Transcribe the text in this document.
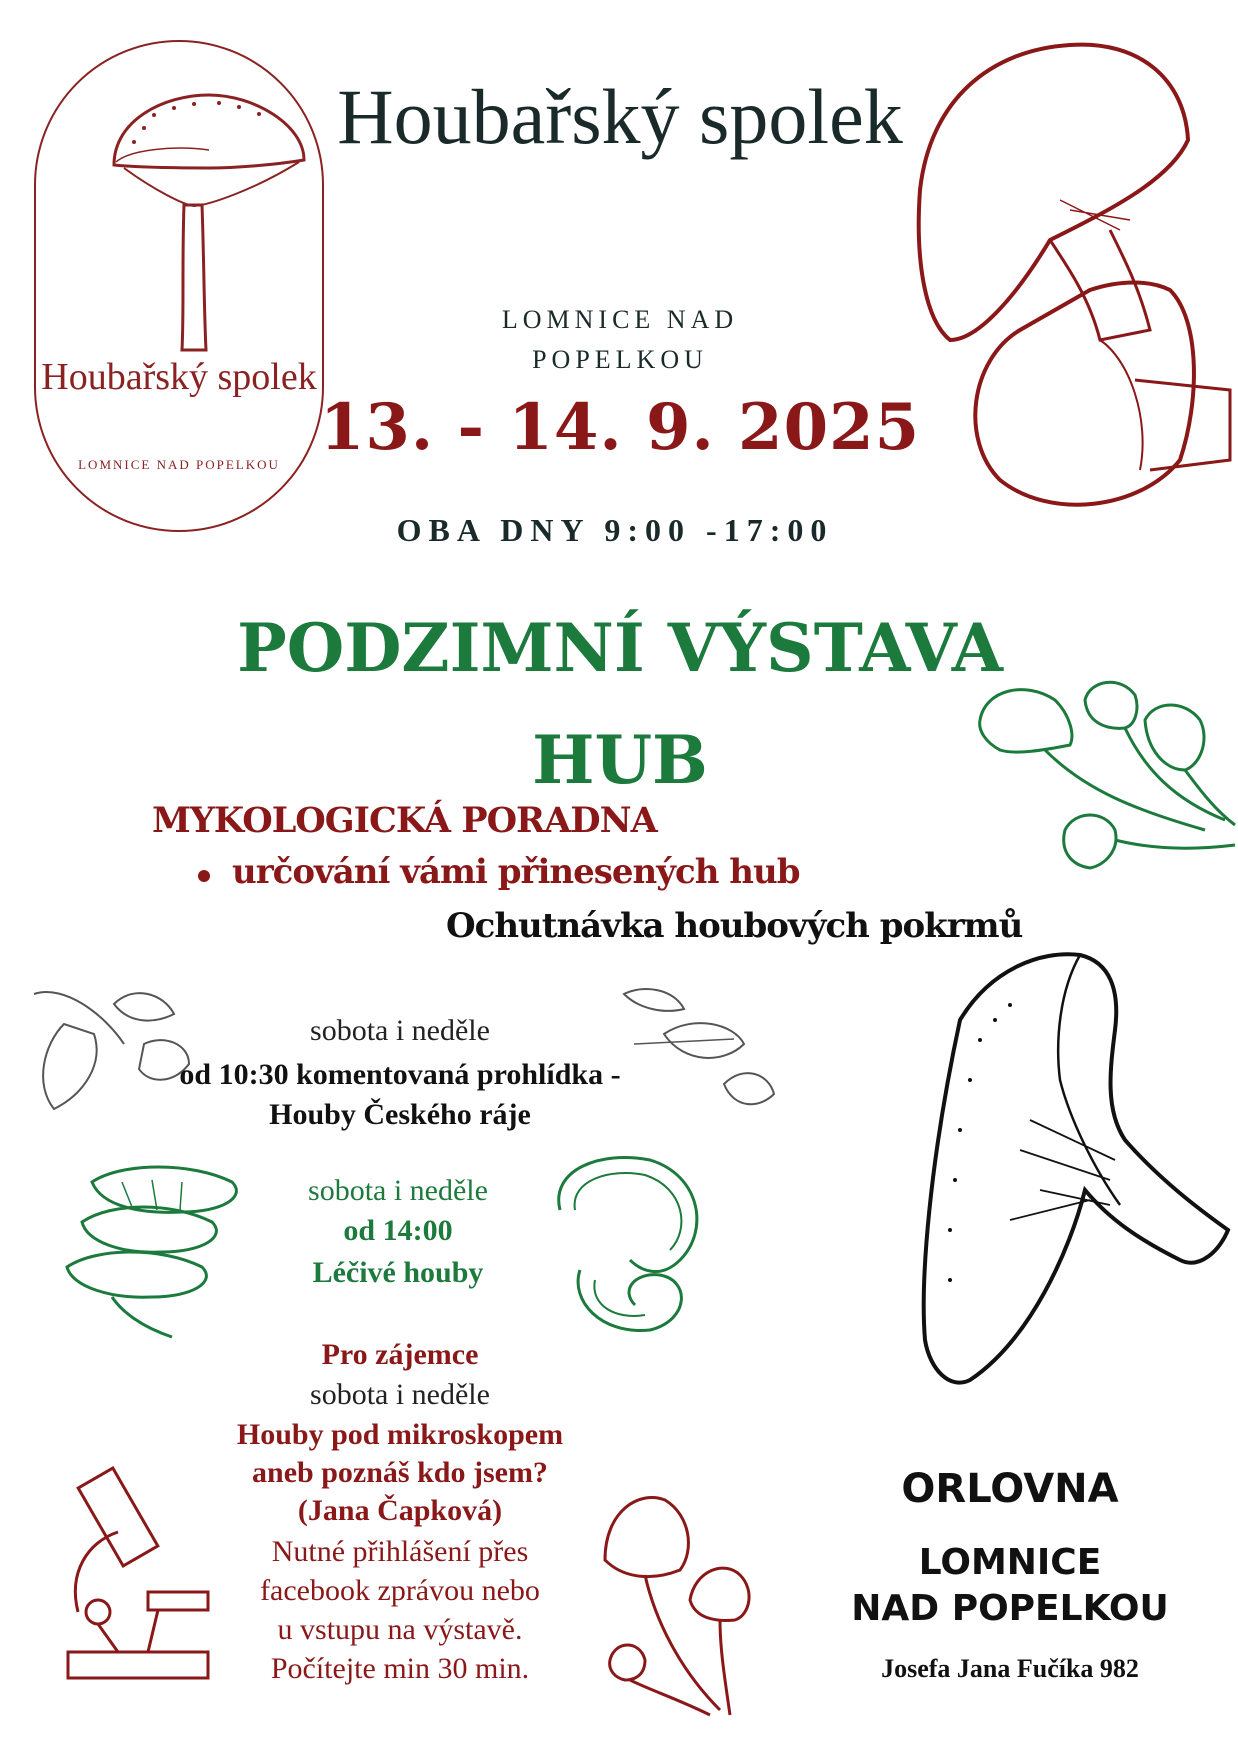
Houbařský spolek
LOMNICE NAD POPELKOU
Houbařský spolek
LOMNICE NAD POPELKOU
13. - 14. 9. 2025
OBA DNY 9:00 -17:00
PODZIMNÍ VÝSTAVA HUB
MYKOLOGICKÁ PORADNA
určování vámi přinesených hub
Ochutnávka houbových pokrmů
sobota i neděle
od 10:30 komentovaná prohlídka -
Houby Českého ráje
sobota i neděle
od 14:00
Léčivé houby
Pro zájemce
sobota i neděle
Houby pod mikroskopem
aneb poznáš kdo jsem?
(Jana Čapková)
Nutné přihlášení přes
facebook zprávou nebo
u vstupu na výstavě.
Počítejte min 30 min.
ORLOVNA
LOMNICE
NAD POPELKOU
Josefa Jana Fučíka 982
